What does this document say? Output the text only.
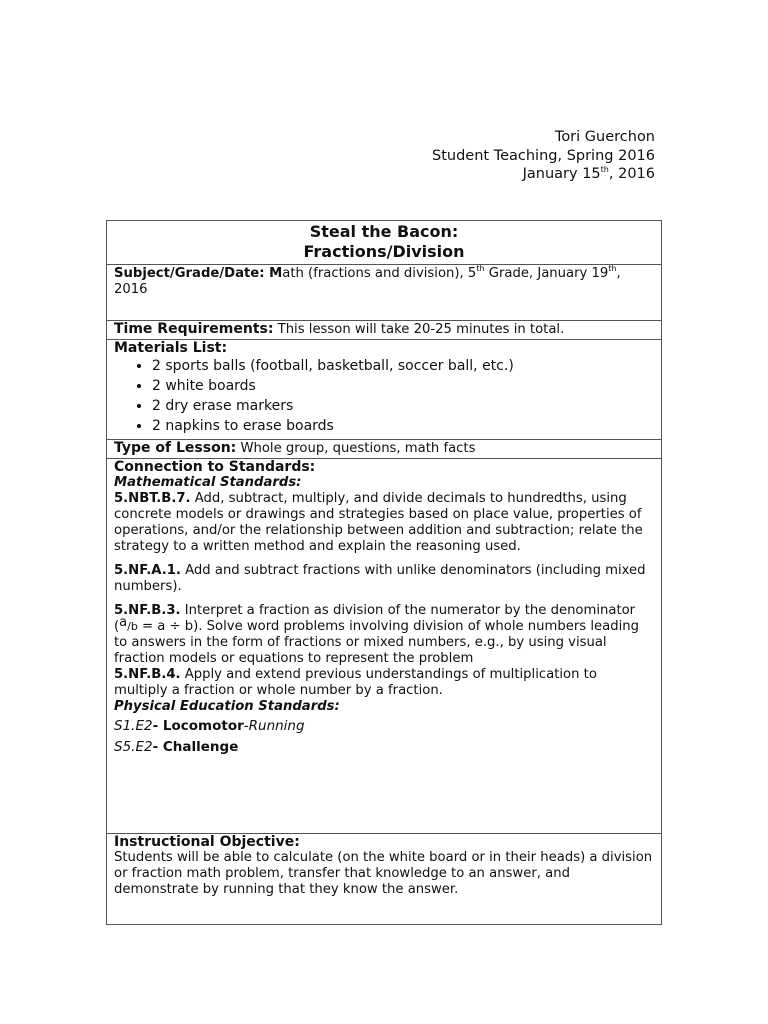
Tori Guerchon
Student Teaching, Spring 2016
January 15th, 2016
Steal the Bacon:
Fractions/Division

Subject/Grade/Date: Math (fractions and division), 5th Grade, January 19th, 2016
Time Requirements: This lesson will take 20-25 minutes in total.

Materials List:
• 2 sports balls (football, basketball, soccer ball, etc.)
• 2 white boards
• 2 dry erase markers
• 2 napkins to erase boards

Type of Lesson: Whole group, questions, math facts

Connection to Standards:
Mathematical Standards:

5.NBT.B.7. Add, subtract, multiply, and divide decimals to hundredths, using concrete models or drawings and strategies based on place value, properties of operations, and/or the relationship between addition and subtraction; relate the strategy to a written method and explain the reasoning used.

5.NF.A.1. Add and subtract fractions with unlike denominators (including mixed numbers).

5.NF.B.3. Interpret a fraction as division of the numerator by the denominator (a/b = a ÷ b). Solve word problems involving division of whole numbers leading to answers in the form of fractions or mixed numbers, e.g., by using visual fraction models or equations to represent the problem

5.NF.B.4. Apply and extend previous understandings of multiplication to multiply a fraction or whole number by a fraction.

Physical Education Standards:
S1.E2- Locomotor-Running
S5.E2- Challenge

Instructional Objective:
Students will be able to calculate (on the white board or in their heads) a division or fraction math problem, transfer that knowledge to an answer, and demonstrate by running that they know the answer.
